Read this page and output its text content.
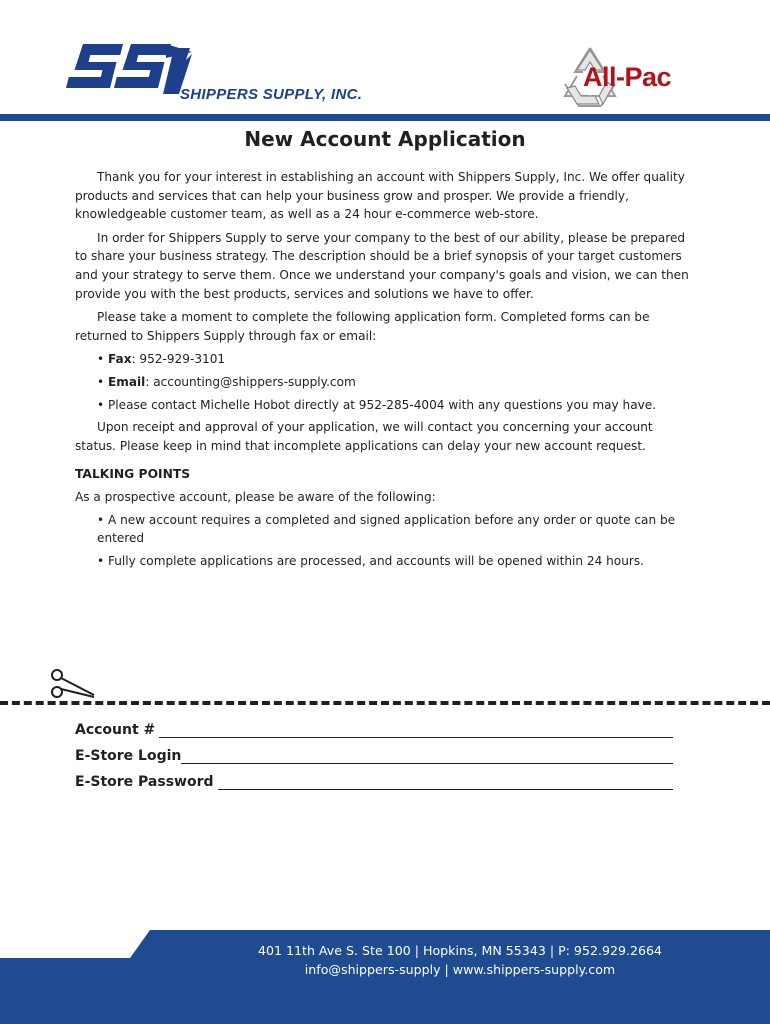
SHIPPERS SUPPLY, INC.
All-Pac
New Account Application

Thank you for your interest in establishing an account with Shippers Supply, Inc. We offer quality products and services that can help your business grow and prosper. We provide a friendly, knowledgeable customer team, as well as a 24 hour e-commerce web-store.

In order for Shippers Supply to serve your company to the best of our ability, please be prepared to share your business strategy. The description should be a brief synopsis of your target customers and your strategy to serve them. Once we understand your company's goals and vision, we can then provide you with the best products, services and solutions we have to offer.

Please take a moment to complete the following application form. Completed forms can be returned to Shippers Supply through fax or email:

• Fax: 952-929-3101

• Email: accounting@shippers-supply.com

• Please contact Michelle Hobot directly at 952-285-4004 with any questions you may have.

Upon receipt and approval of your application, we will contact you concerning your account status. Please keep in mind that incomplete applications can delay your new account request.

TALKING POINTS

As a prospective account, please be aware of the following:

• A new account requires a completed and signed application before any order or quote can be entered

• Fully complete applications are processed, and accounts will be opened within 24 hours.

Account #
E-Store Login
E-Store Password
401 11th Ave S. Ste 100 | Hopkins, MN 55343 | P: 952.929.2664
info@shippers-supply | www.shippers-supply.com
